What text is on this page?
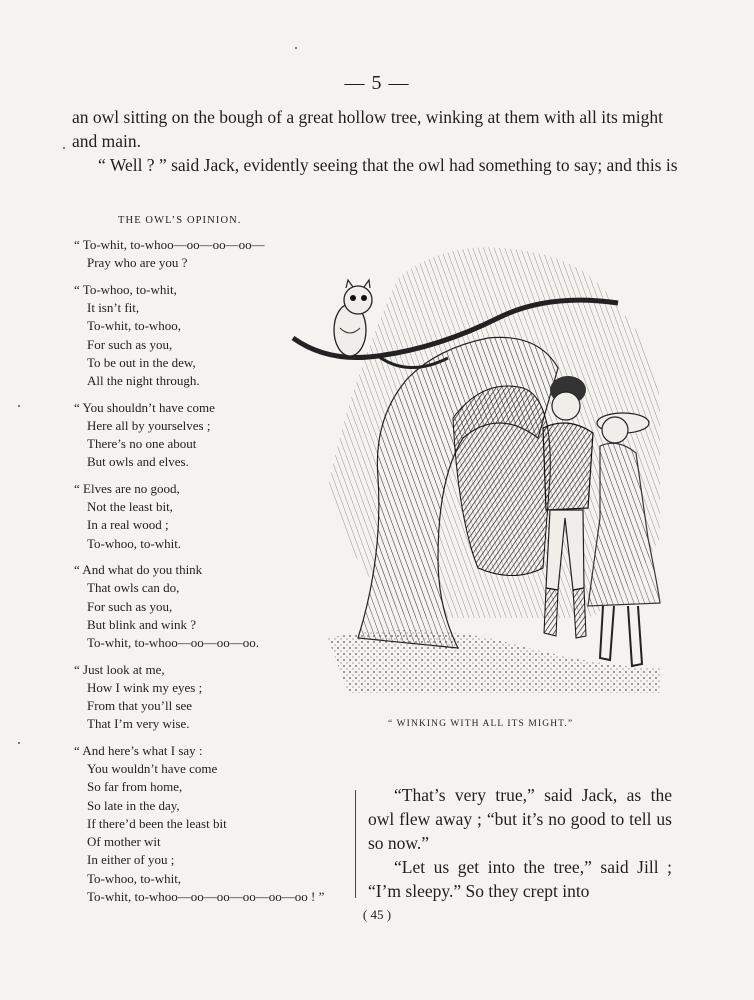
— 5 —

an owl sitting on the bough of a great hollow tree, winking at them with all its might and main.

“ Well ? ” said Jack, evidently seeing that the owl had something to say; and this is

THE OWL’S OPINION.
“ To-whit, to-whoo—oo—oo—oo—
Pray who are you ?
“ To-whoo, to-whit,
It isn’t fit,
To-whit, to-whoo,
For such as you,
To be out in the dew,
All the night through.
“ You shouldn’t have come
Here all by yourselves ;
There’s no one about
But owls and elves.
“ Elves are no good,
Not the least bit,
In a real wood ;
To-whoo, to-whit.
“ And what do you think
That owls can do,
For such as you,
But blink and wink ?
To-whit, to-whoo—oo—oo—oo.
“ Just look at me,
How I wink my eyes ;
From that you’ll see
That I’m very wise.
“ And here’s what I say :
You wouldn’t have come
So far from home,
So late in the day,
If there’d been the least bit
Of mother wit
In either of you ;
To-whoo, to-whit,
To-whit, to-whoo—oo—oo—oo—oo—oo ! ”
“ WINKING WITH ALL ITS MIGHT.”

“That’s very true,” said Jack, as the owl flew away ; “but it’s no good to tell us so now.”

“Let us get into the tree,” said Jill ; “I’m sleepy.” So they crept into

( 45 )
